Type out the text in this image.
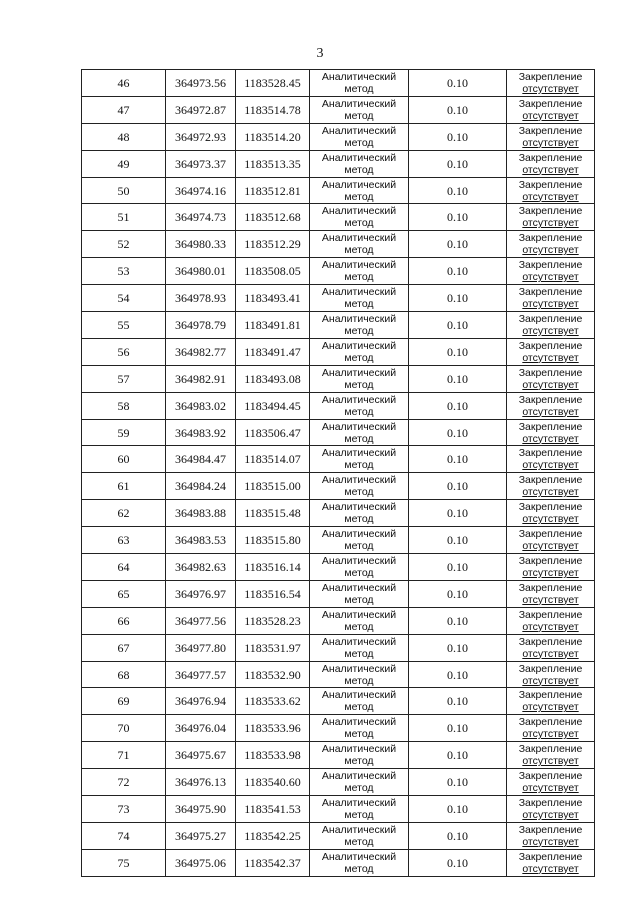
3
46	364973.56	1183528.45	Аналитический
метод	0.10	Закрепление
отсутствует

47	364972.87	1183514.78	Аналитический
метод	0.10	Закрепление
отсутствует

48	364972.93	1183514.20	Аналитический
метод	0.10	Закрепление
отсутствует

49	364973.37	1183513.35	Аналитический
метод	0.10	Закрепление
отсутствует

50	364974.16	1183512.81	Аналитический
метод	0.10	Закрепление
отсутствует

51	364974.73	1183512.68	Аналитический
метод	0.10	Закрепление
отсутствует

52	364980.33	1183512.29	Аналитический
метод	0.10	Закрепление
отсутствует

53	364980.01	1183508.05	Аналитический
метод	0.10	Закрепление
отсутствует

54	364978.93	1183493.41	Аналитический
метод	0.10	Закрепление
отсутствует

55	364978.79	1183491.81	Аналитический
метод	0.10	Закрепление
отсутствует

56	364982.77	1183491.47	Аналитический
метод	0.10	Закрепление
отсутствует

57	364982.91	1183493.08	Аналитический
метод	0.10	Закрепление
отсутствует

58	364983.02	1183494.45	Аналитический
метод	0.10	Закрепление
отсутствует

59	364983.92	1183506.47	Аналитический
метод	0.10	Закрепление
отсутствует

60	364984.47	1183514.07	Аналитический
метод	0.10	Закрепление
отсутствует

61	364984.24	1183515.00	Аналитический
метод	0.10	Закрепление
отсутствует

62	364983.88	1183515.48	Аналитический
метод	0.10	Закрепление
отсутствует

63	364983.53	1183515.80	Аналитический
метод	0.10	Закрепление
отсутствует

64	364982.63	1183516.14	Аналитический
метод	0.10	Закрепление
отсутствует

65	364976.97	1183516.54	Аналитический
метод	0.10	Закрепление
отсутствует

66	364977.56	1183528.23	Аналитический
метод	0.10	Закрепление
отсутствует

67	364977.80	1183531.97	Аналитический
метод	0.10	Закрепление
отсутствует

68	364977.57	1183532.90	Аналитический
метод	0.10	Закрепление
отсутствует

69	364976.94	1183533.62	Аналитический
метод	0.10	Закрепление
отсутствует

70	364976.04	1183533.96	Аналитический
метод	0.10	Закрепление
отсутствует

71	364975.67	1183533.98	Аналитический
метод	0.10	Закрепление
отсутствует

72	364976.13	1183540.60	Аналитический
метод	0.10	Закрепление
отсутствует

73	364975.90	1183541.53	Аналитический
метод	0.10	Закрепление
отсутствует

74	364975.27	1183542.25	Аналитический
метод	0.10	Закрепление
отсутствует

75	364975.06	1183542.37	Аналитический
метод	0.10	Закрепление
отсутствует
